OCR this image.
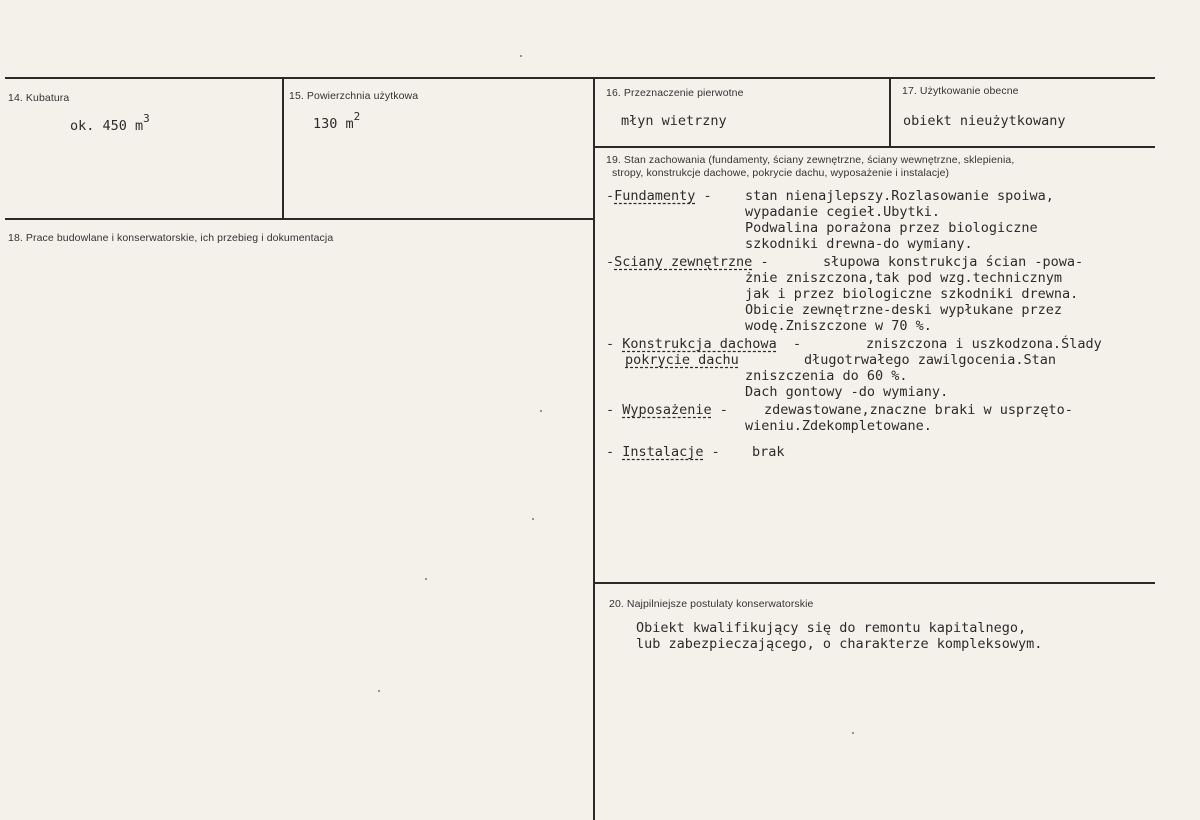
14. Kubatura
ok. 450 $m^3$
15. Powierzchnia użytkowa
130 $m^2$
16. Przeznaczenie pierwotne
młyn wietrzny
17. Użytkowanie obecne
obiekt nieużytkowany
18. Prace budowlane i konserwatorskie, ich przebieg i dokumentacja
19. Stan zachowania (fundamenty, ściany zewnętrzne, ściany wewnętrzne, sklepienia,
stropy, konstrukcje dachowe, pokrycie dachu, wyposażenie i instalacje)
-Fundamenty - stan nienajlepszy.Rozlasowanie spoiwa,
wypadanie cegieł.Ubytki.
Podwalina porażona przez biologiczne
szkodniki drewna-do wymiany.
-Sciany zewnętrzne -	słupowa konstrukcja ścian -powa-
żnie zniszczona,tak pod wzg.technicznym
jak i przez biologiczne szkodniki drewna.
Obicie zewnętrzne-deski wypłukane przez
wodę.Zniszczone w 70 %.
- Konstrukcja dachowa  -	zniszczona i uszkodzona.Ślady
pokrycie dachu	długotrwałego zawilgocenia.Stan
zniszczenia do 60 %.
Dach gontowy -do wymiany.
- Wyposażenie - zdewastowane,znaczne braki w usprzęto-
wieniu.Zdekompletowane.
- Instalacje - brak
20. Najpilniejsze postulaty konserwatorskie
Obiekt kwalifikujący się do remontu kapitalnego,
lub zabezpieczającego, o charakterze kompleksowym.
